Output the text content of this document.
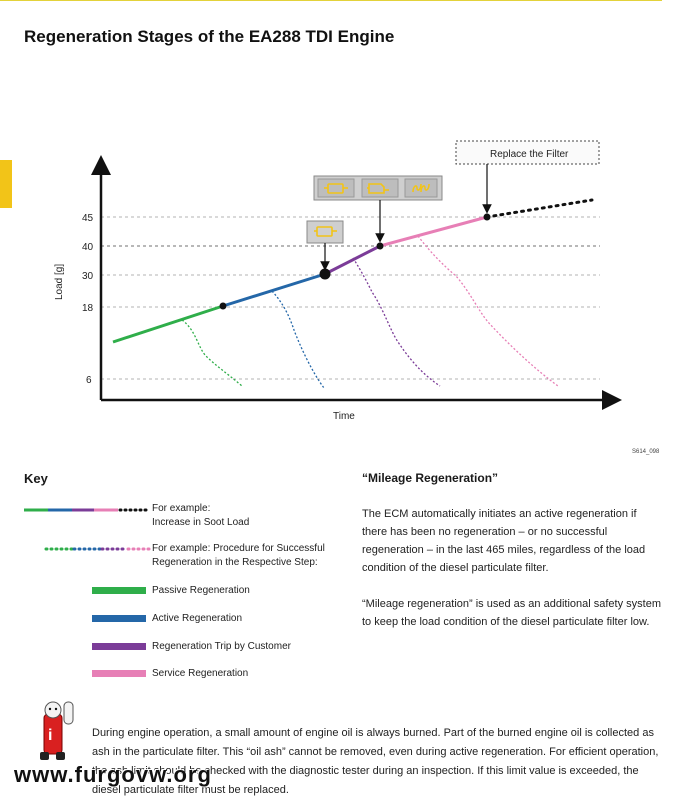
Regeneration Stages of the EA288 TDI Engine
45
40
30
18
6
Load [g]
Time
Replace the Filter
S614_098
Key
For example:
Increase in Soot Load
For example: Procedure for Successful
Regeneration in the Respective Step:
Passive Regeneration
Active Regeneration
Regeneration Trip by Customer
Service Regeneration
“Mileage Regeneration”
The ECM automatically initiates an active regeneration if there has been no regeneration – or no successful regeneration – in the last 465 miles, regardless of the load condition of the diesel particulate filter.
“Mileage regeneration” is used as an additional safety system to keep the load condition of the diesel particulate filter low.
i	During engine operation, a small amount of engine oil is always burned. Part of the burned engine oil is collected as ash in the particulate filter. This “oil ash” cannot be removed, even during active regeneration. For efficient operation, the ash limit should be checked with the diagnostic tester during an inspection. If this limit value is exceeded, the diesel particulate filter must be replaced.
www.furgovw.org
